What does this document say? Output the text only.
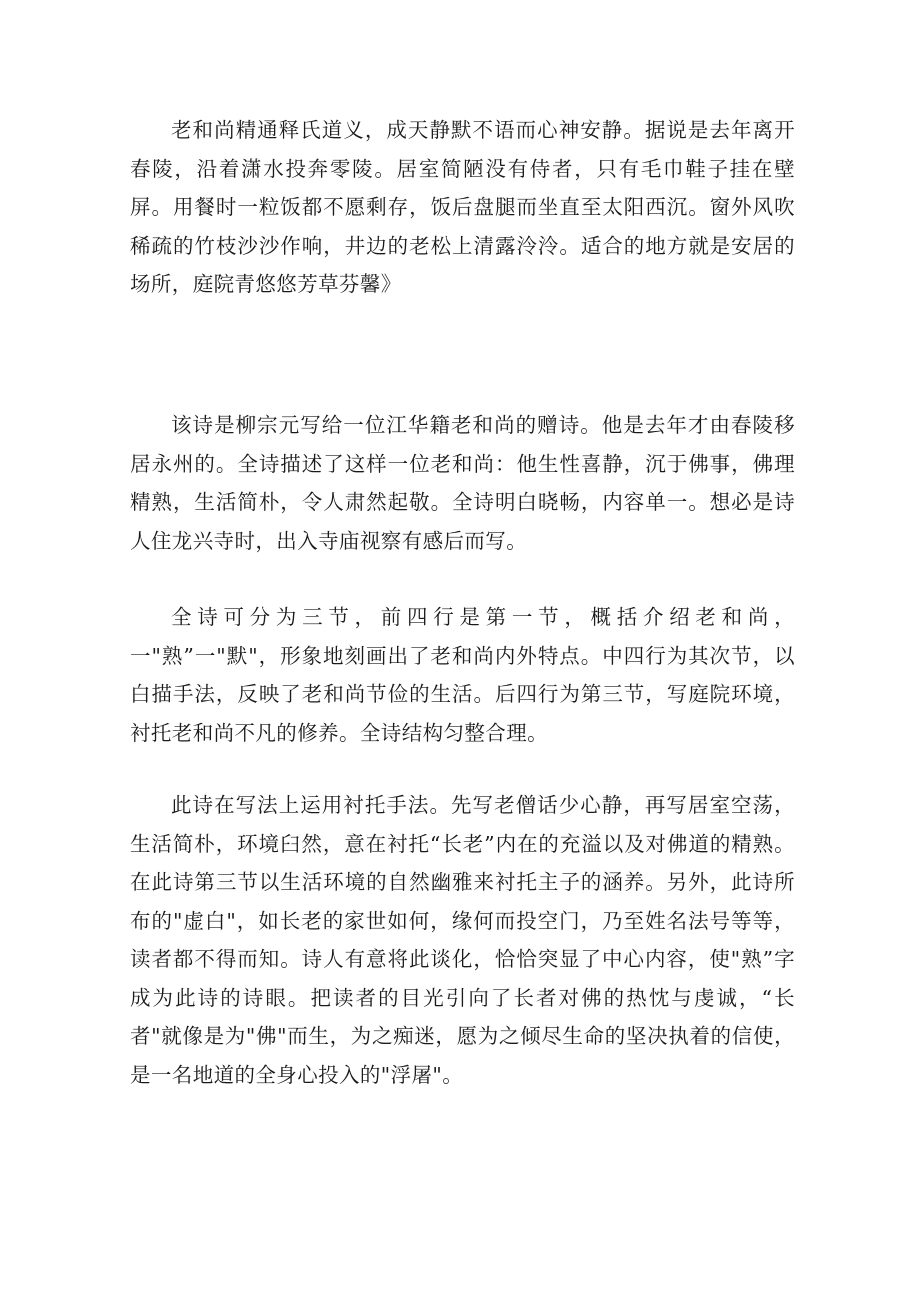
老和尚精通释氏道义，成天静默不语而心神安静。据说是去年离开春陵，沿着潇水投奔零陵。居室简陋没有侍者，只有毛巾鞋子挂在壁屏。用餐时一粒饭都不愿剩存，饭后盘腿而坐直至太阳西沉。窗外风吹稀疏的竹枝沙沙作响，井边的老松上清露泠泠。适合的地方就是安居的场所，庭院青悠悠芳草芬馨》

该诗是柳宗元写给一位江华籍老和尚的赠诗。他是去年才由春陵移居永州的。全诗描述了这样一位老和尚：他生性喜静，沉于佛事，佛理精熟，生活简朴，令人肃然起敬。全诗明白晓畅，内容单一。想必是诗人住龙兴寺时，出入寺庙视察有感后而写。

全诗可分为三节，前四行是第一节，概括介绍老和尚，一"熟”一"默"，形象地刻画出了老和尚内外特点。中四行为其次节，以白描手法，反映了老和尚节俭的生活。后四行为第三节，写庭院环境，衬托老和尚不凡的修养。全诗结构匀整合理。

此诗在写法上运用衬托手法。先写老僧话少心静，再写居室空荡，生活简朴，环境臼然，意在衬托“长老”内在的充溢以及对佛道的精熟。在此诗第三节以生活环境的自然幽雅来衬托主子的涵养。另外，此诗所布的"虚白"，如长老的家世如何，缘何而投空门，乃至姓名法号等等，读者都不得而知。诗人有意将此谈化，恰恰突显了中心内容，使"熟”字成为此诗的诗眼。把读者的目光引向了长者对佛的热忱与虔诚，“长者"就像是为"佛"而生，为之痴迷，愿为之倾尽生命的坚决执着的信使，是一名地道的全身心投入的"浮屠"。
